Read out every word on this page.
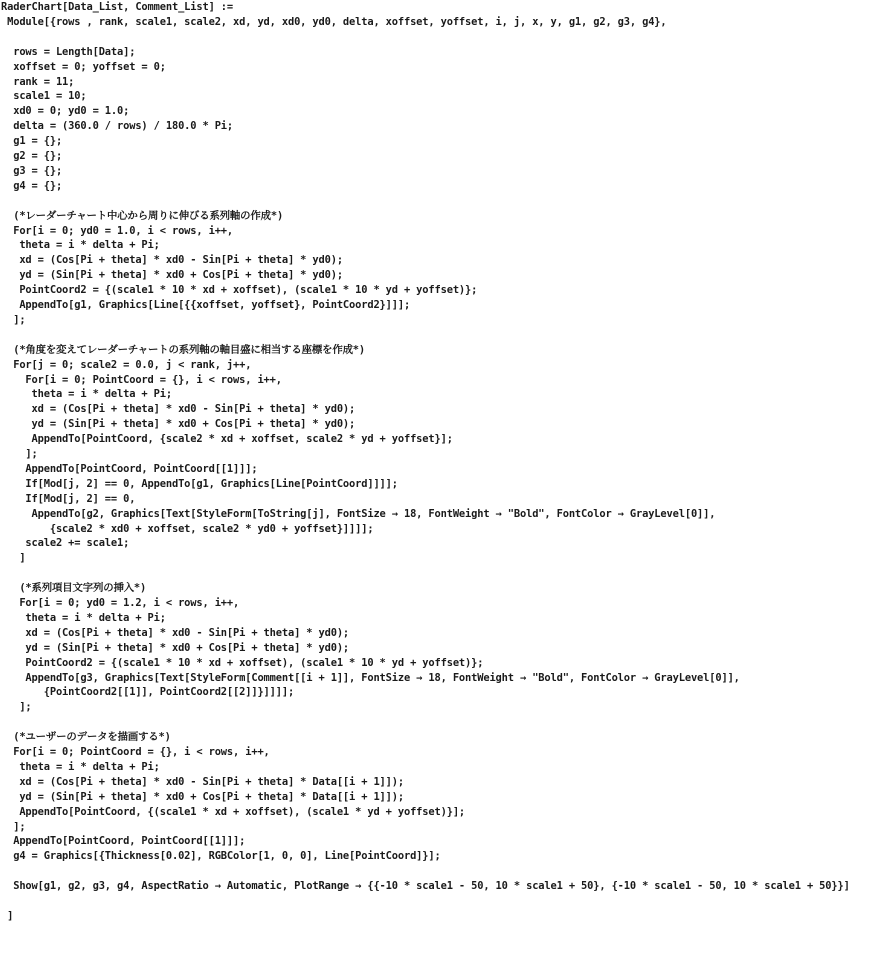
RaderChart[Data_List, Comment_List] :=
Module[{rows , rank, scale1, scale2, xd, yd, xd0, yd0, delta, xoffset, yoffset, i, j, x, y, g1, g2, g3, g4},
rows = Length[Data];
xoffset = 0; yoffset = 0;
rank = 11;
scale1 = 10;
xd0 = 0; yd0 = 1.0;
delta = (360.0 / rows) / 180.0 * Pi;
g1 = {};
g2 = {};
g3 = {};
g4 = {};
(*レーダーチャート中心から周りに伸びる系列軸の作成*)
For[i = 0; yd0 = 1.0, i < rows, i++,
theta = i * delta + Pi;
xd = (Cos[Pi + theta] * xd0 - Sin[Pi + theta] * yd0);
yd = (Sin[Pi + theta] * xd0 + Cos[Pi + theta] * yd0);
PointCoord2 = {(scale1 * 10 * xd + xoffset), (scale1 * 10 * yd + yoffset)};
AppendTo[g1, Graphics[Line[{{xoffset, yoffset}, PointCoord2}]]];
];
(*角度を変えてレーダーチャートの系列軸の軸目盛に相当する座標を作成*)
For[j = 0; scale2 = 0.0, j < rank, j++,
For[i = 0; PointCoord = {}, i < rows, i++,
theta = i * delta + Pi;
xd = (Cos[Pi + theta] * xd0 - Sin[Pi + theta] * yd0);
yd = (Sin[Pi + theta] * xd0 + Cos[Pi + theta] * yd0);
AppendTo[PointCoord, {scale2 * xd + xoffset, scale2 * yd + yoffset}];
];
AppendTo[PointCoord, PointCoord[[1]]];
If[Mod[j, 2] == 0, AppendTo[g1, Graphics[Line[PointCoord]]]];
If[Mod[j, 2] == 0,
AppendTo[g2, Graphics[Text[StyleForm[ToString[j], FontSize → 18, FontWeight → "Bold", FontColor → GrayLevel[0]],
{scale2 * xd0 + xoffset, scale2 * yd0 + yoffset}]]]];
scale2 += scale1;
]
(*系列項目文字列の挿入*)
For[i = 0; yd0 = 1.2, i < rows, i++,
theta = i * delta + Pi;
xd = (Cos[Pi + theta] * xd0 - Sin[Pi + theta] * yd0);
yd = (Sin[Pi + theta] * xd0 + Cos[Pi + theta] * yd0);
PointCoord2 = {(scale1 * 10 * xd + xoffset), (scale1 * 10 * yd + yoffset)};
AppendTo[g3, Graphics[Text[StyleForm[Comment[[i + 1]], FontSize → 18, FontWeight → "Bold", FontColor → GrayLevel[0]],
{PointCoord2[[1]], PointCoord2[[2]]}]]]];
];
(*ユーザーのデータを描画する*)
For[i = 0; PointCoord = {}, i < rows, i++,
theta = i * delta + Pi;
xd = (Cos[Pi + theta] * xd0 - Sin[Pi + theta] * Data[[i + 1]]);
yd = (Sin[Pi + theta] * xd0 + Cos[Pi + theta] * Data[[i + 1]]);
AppendTo[PointCoord, {(scale1 * xd + xoffset), (scale1 * yd + yoffset)}];
];
AppendTo[PointCoord, PointCoord[[1]]];
g4 = Graphics[{Thickness[0.02], RGBColor[1, 0, 0], Line[PointCoord]}];
Show[g1, g2, g3, g4, AspectRatio → Automatic, PlotRange → {{-10 * scale1 - 50, 10 * scale1 + 50}, {-10 * scale1 - 50, 10 * scale1 + 50}}]
]
